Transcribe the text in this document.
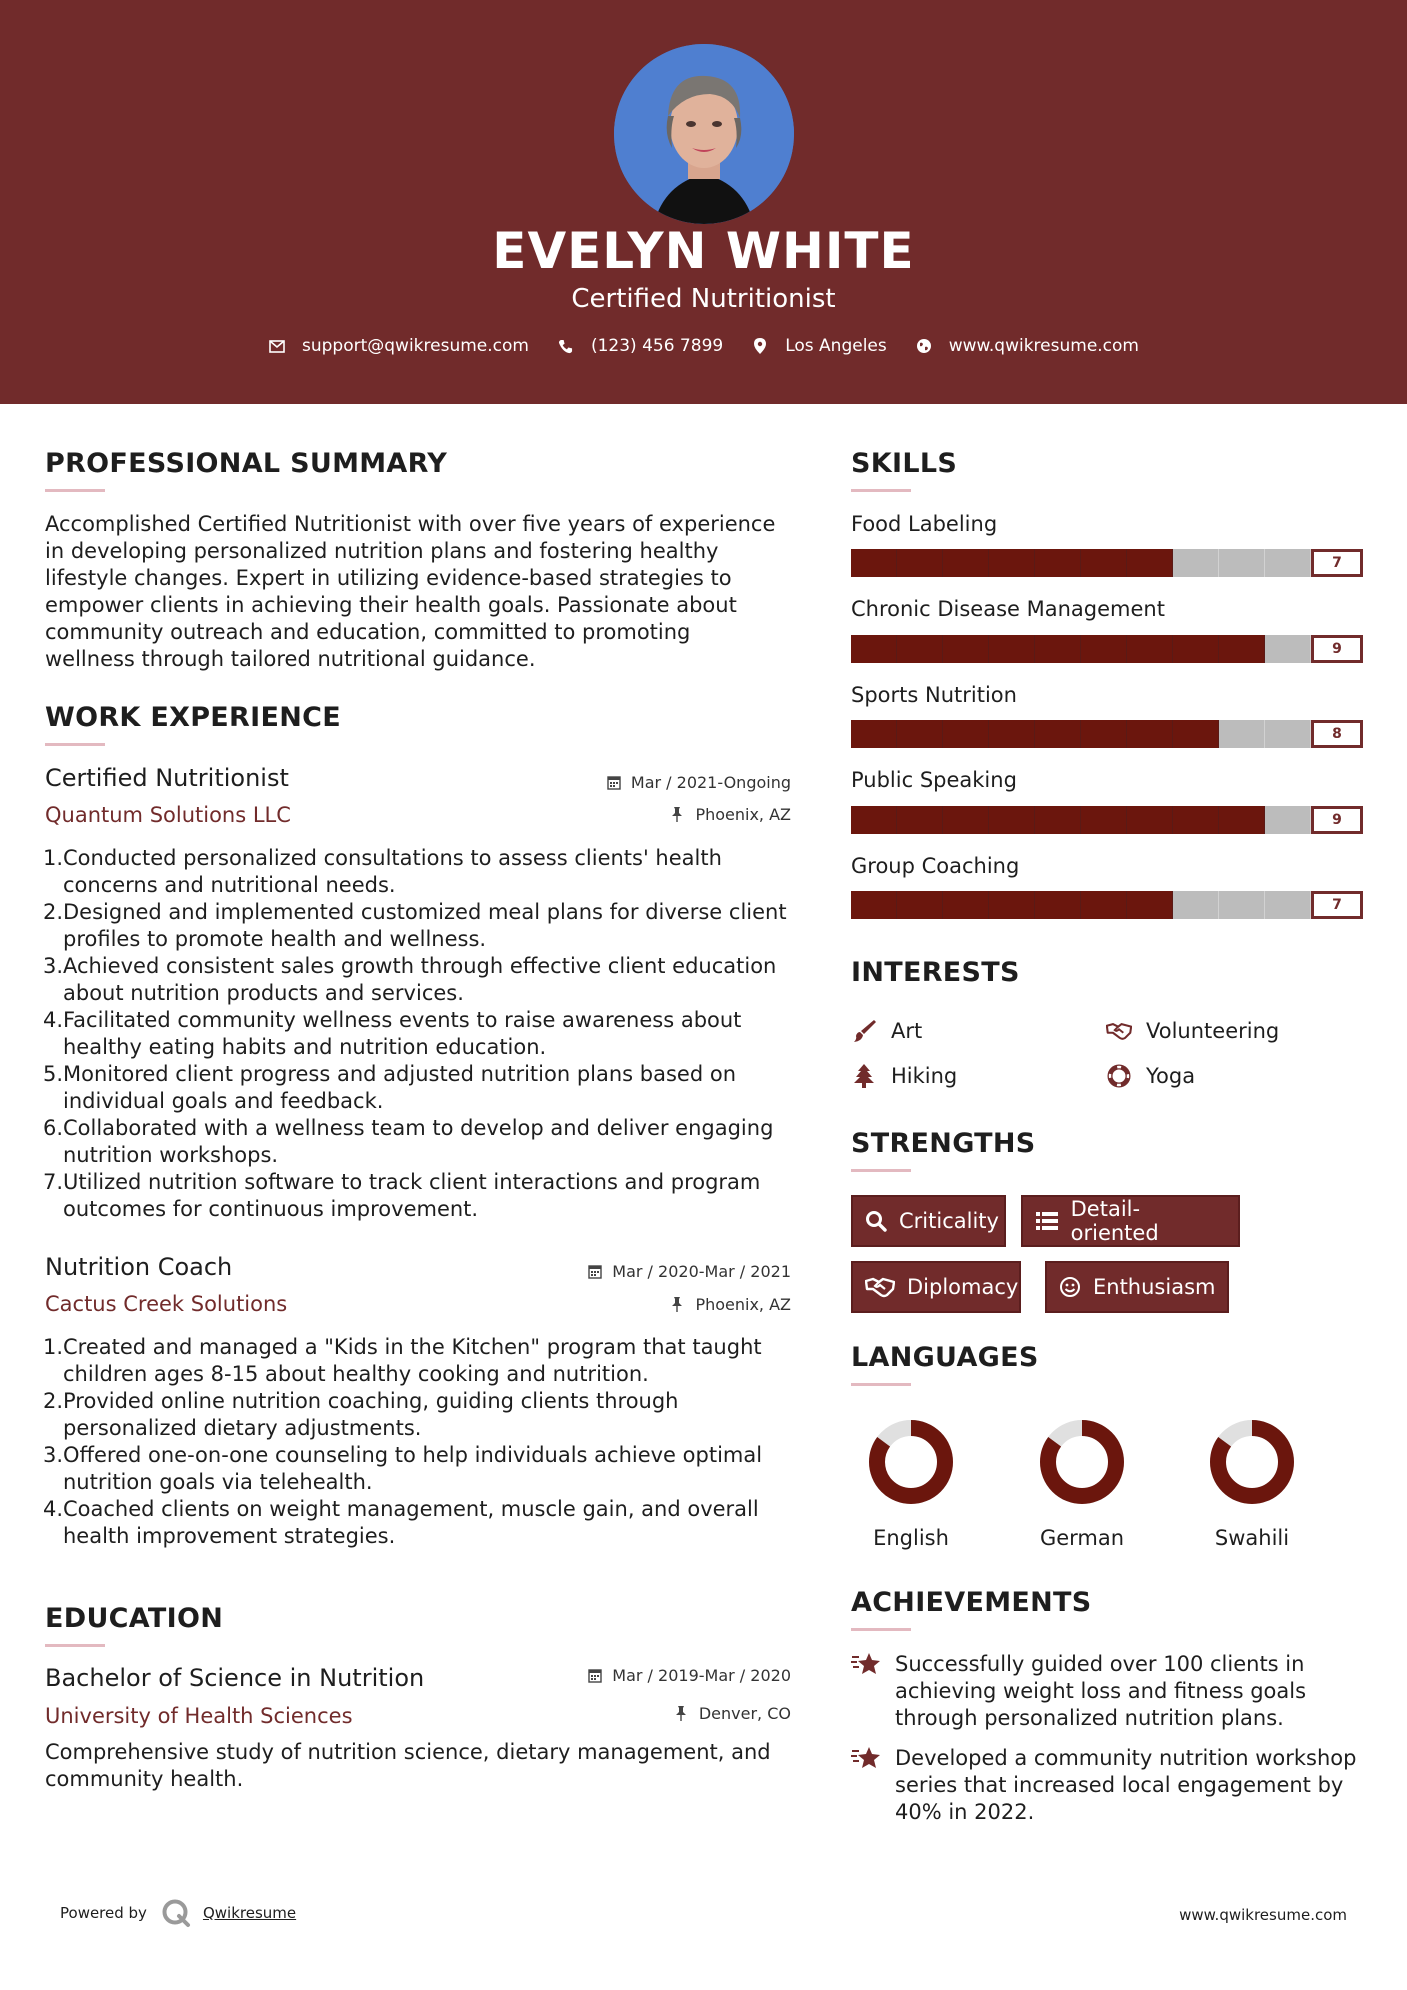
EVELYN WHITE
Certified Nutritionist
support@qwikresume.com	(123) 456 7899	Los Angeles	www.qwikresume.com
PROFESSIONAL SUMMARY
Accomplished Certified Nutritionist with over five years of experience in developing personalized nutrition plans and fostering healthy lifestyle changes. Expert in utilizing evidence-based strategies to empower clients in achieving their health goals. Passionate about community outreach and education, committed to promoting wellness through tailored nutritional guidance.
WORK EXPERIENCE
Certified Nutritionist	Mar / 2021-Ongoing
Quantum Solutions LLC	Phoenix, AZ
1. Conducted personalized consultations to assess clients' health concerns and nutritional needs.
2. Designed and implemented customized meal plans for diverse client profiles to promote health and wellness.
3. Achieved consistent sales growth through effective client education about nutrition products and services.
4. Facilitated community wellness events to raise awareness about healthy eating habits and nutrition education.
5. Monitored client progress and adjusted nutrition plans based on individual goals and feedback.
6. Collaborated with a wellness team to develop and deliver engaging nutrition workshops.
7. Utilized nutrition software to track client interactions and program outcomes for continuous improvement.
Nutrition Coach	Mar / 2020-Mar / 2021
Cactus Creek Solutions	Phoenix, AZ
1. Created and managed a "Kids in the Kitchen" program that taught children ages 8-15 about healthy cooking and nutrition.
2. Provided online nutrition coaching, guiding clients through personalized dietary adjustments.
3. Offered one-on-one counseling to help individuals achieve optimal nutrition goals via telehealth.
4. Coached clients on weight management, muscle gain, and overall health improvement strategies.
EDUCATION
Bachelor of Science in Nutrition	Mar / 2019-Mar / 2020
University of Health Sciences	Denver, CO
Comprehensive study of nutrition science, dietary management, and community health.
SKILLS
Food Labeling
7
Chronic Disease Management
9
Sports Nutrition
8
Public Speaking
9
Group Coaching
7
INTERESTS
Art	Volunteering
Hiking	Yoga
STRENGTHS
Criticality	Detail-oriented
Diplomacy	Enthusiasm
LANGUAGES
English	German	Swahili
ACHIEVEMENTS
Successfully guided over 100 clients in achieving weight loss and fitness goals through personalized nutrition plans.
Developed a community nutrition workshop series that increased local engagement by 40% in 2022.
Powered by	Qwikresume	www.qwikresume.com
